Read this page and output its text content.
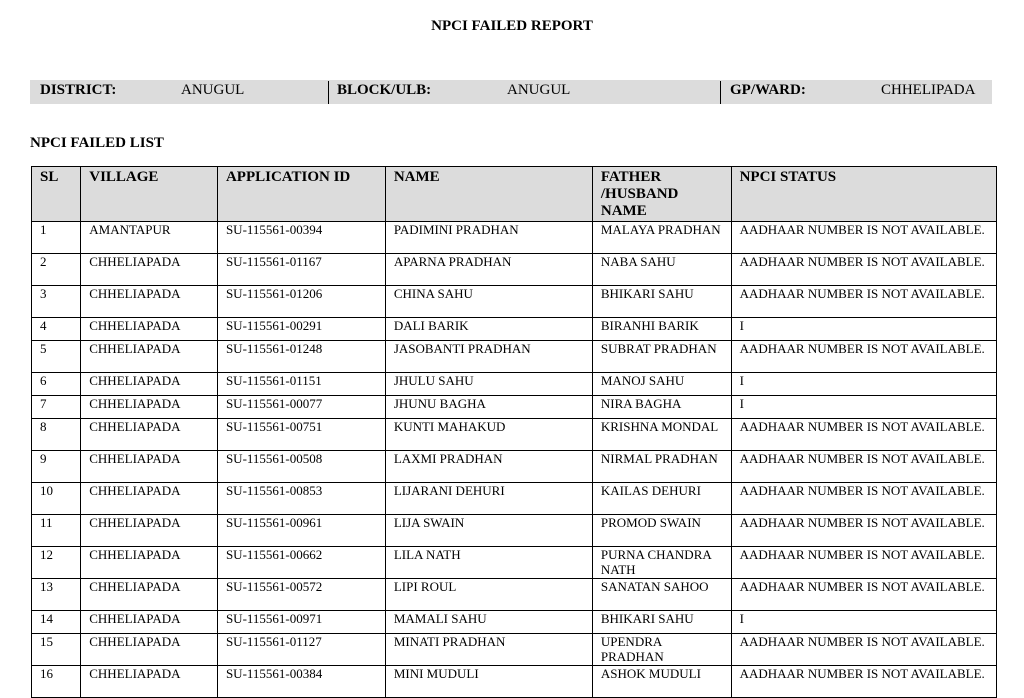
NPCI FAILED REPORT
DISTRICT:	ANUGUL	BLOCK/ULB:	ANUGUL	GP/WARD:	CHHELIPADA
NPCI FAILED LIST
SL	VILLAGE	APPLICATION ID	NAME	FATHER
/HUSBAND
NAME	NPCI STATUS
1	AMANTAPUR	SU-115561-00394	PADIMINI PRADHAN	MALAYA PRADHAN	AADHAAR NUMBER IS NOT AVAILABLE.
2	CHHELIAPADA	SU-115561-01167	APARNA PRADHAN	NABA SAHU	AADHAAR NUMBER IS NOT AVAILABLE.
3	CHHELIAPADA	SU-115561-01206	CHINA SAHU	BHIKARI SAHU	AADHAAR NUMBER IS NOT AVAILABLE.
4	CHHELIAPADA	SU-115561-00291	DALI BARIK	BIRANHI BARIK	I
5	CHHELIAPADA	SU-115561-01248	JASOBANTI PRADHAN	SUBRAT PRADHAN	AADHAAR NUMBER IS NOT AVAILABLE.
6	CHHELIAPADA	SU-115561-01151	JHULU SAHU	MANOJ SAHU	I
7	CHHELIAPADA	SU-115561-00077	JHUNU BAGHA	NIRA BAGHA	I
8	CHHELIAPADA	SU-115561-00751	KUNTI MAHAKUD	KRISHNA MONDAL	AADHAAR NUMBER IS NOT AVAILABLE.
9	CHHELIAPADA	SU-115561-00508	LAXMI PRADHAN	NIRMAL PRADHAN	AADHAAR NUMBER IS NOT AVAILABLE.
10	CHHELIAPADA	SU-115561-00853	LIJARANI DEHURI	KAILAS DEHURI	AADHAAR NUMBER IS NOT AVAILABLE.
11	CHHELIAPADA	SU-115561-00961	LIJA SWAIN	PROMOD SWAIN	AADHAAR NUMBER IS NOT AVAILABLE.
12	CHHELIAPADA	SU-115561-00662	LILA NATH	PURNA CHANDRA NATH	AADHAAR NUMBER IS NOT AVAILABLE.
13	CHHELIAPADA	SU-115561-00572	LIPI ROUL	SANATAN SAHOO	AADHAAR NUMBER IS NOT AVAILABLE.
14	CHHELIAPADA	SU-115561-00971	MAMALI SAHU	BHIKARI SAHU	I
15	CHHELIAPADA	SU-115561-01127	MINATI PRADHAN	UPENDRA PRADHAN	AADHAAR NUMBER IS NOT AVAILABLE.
16	CHHELIAPADA	SU-115561-00384	MINI MUDULI	ASHOK MUDULI	AADHAAR NUMBER IS NOT AVAILABLE.
